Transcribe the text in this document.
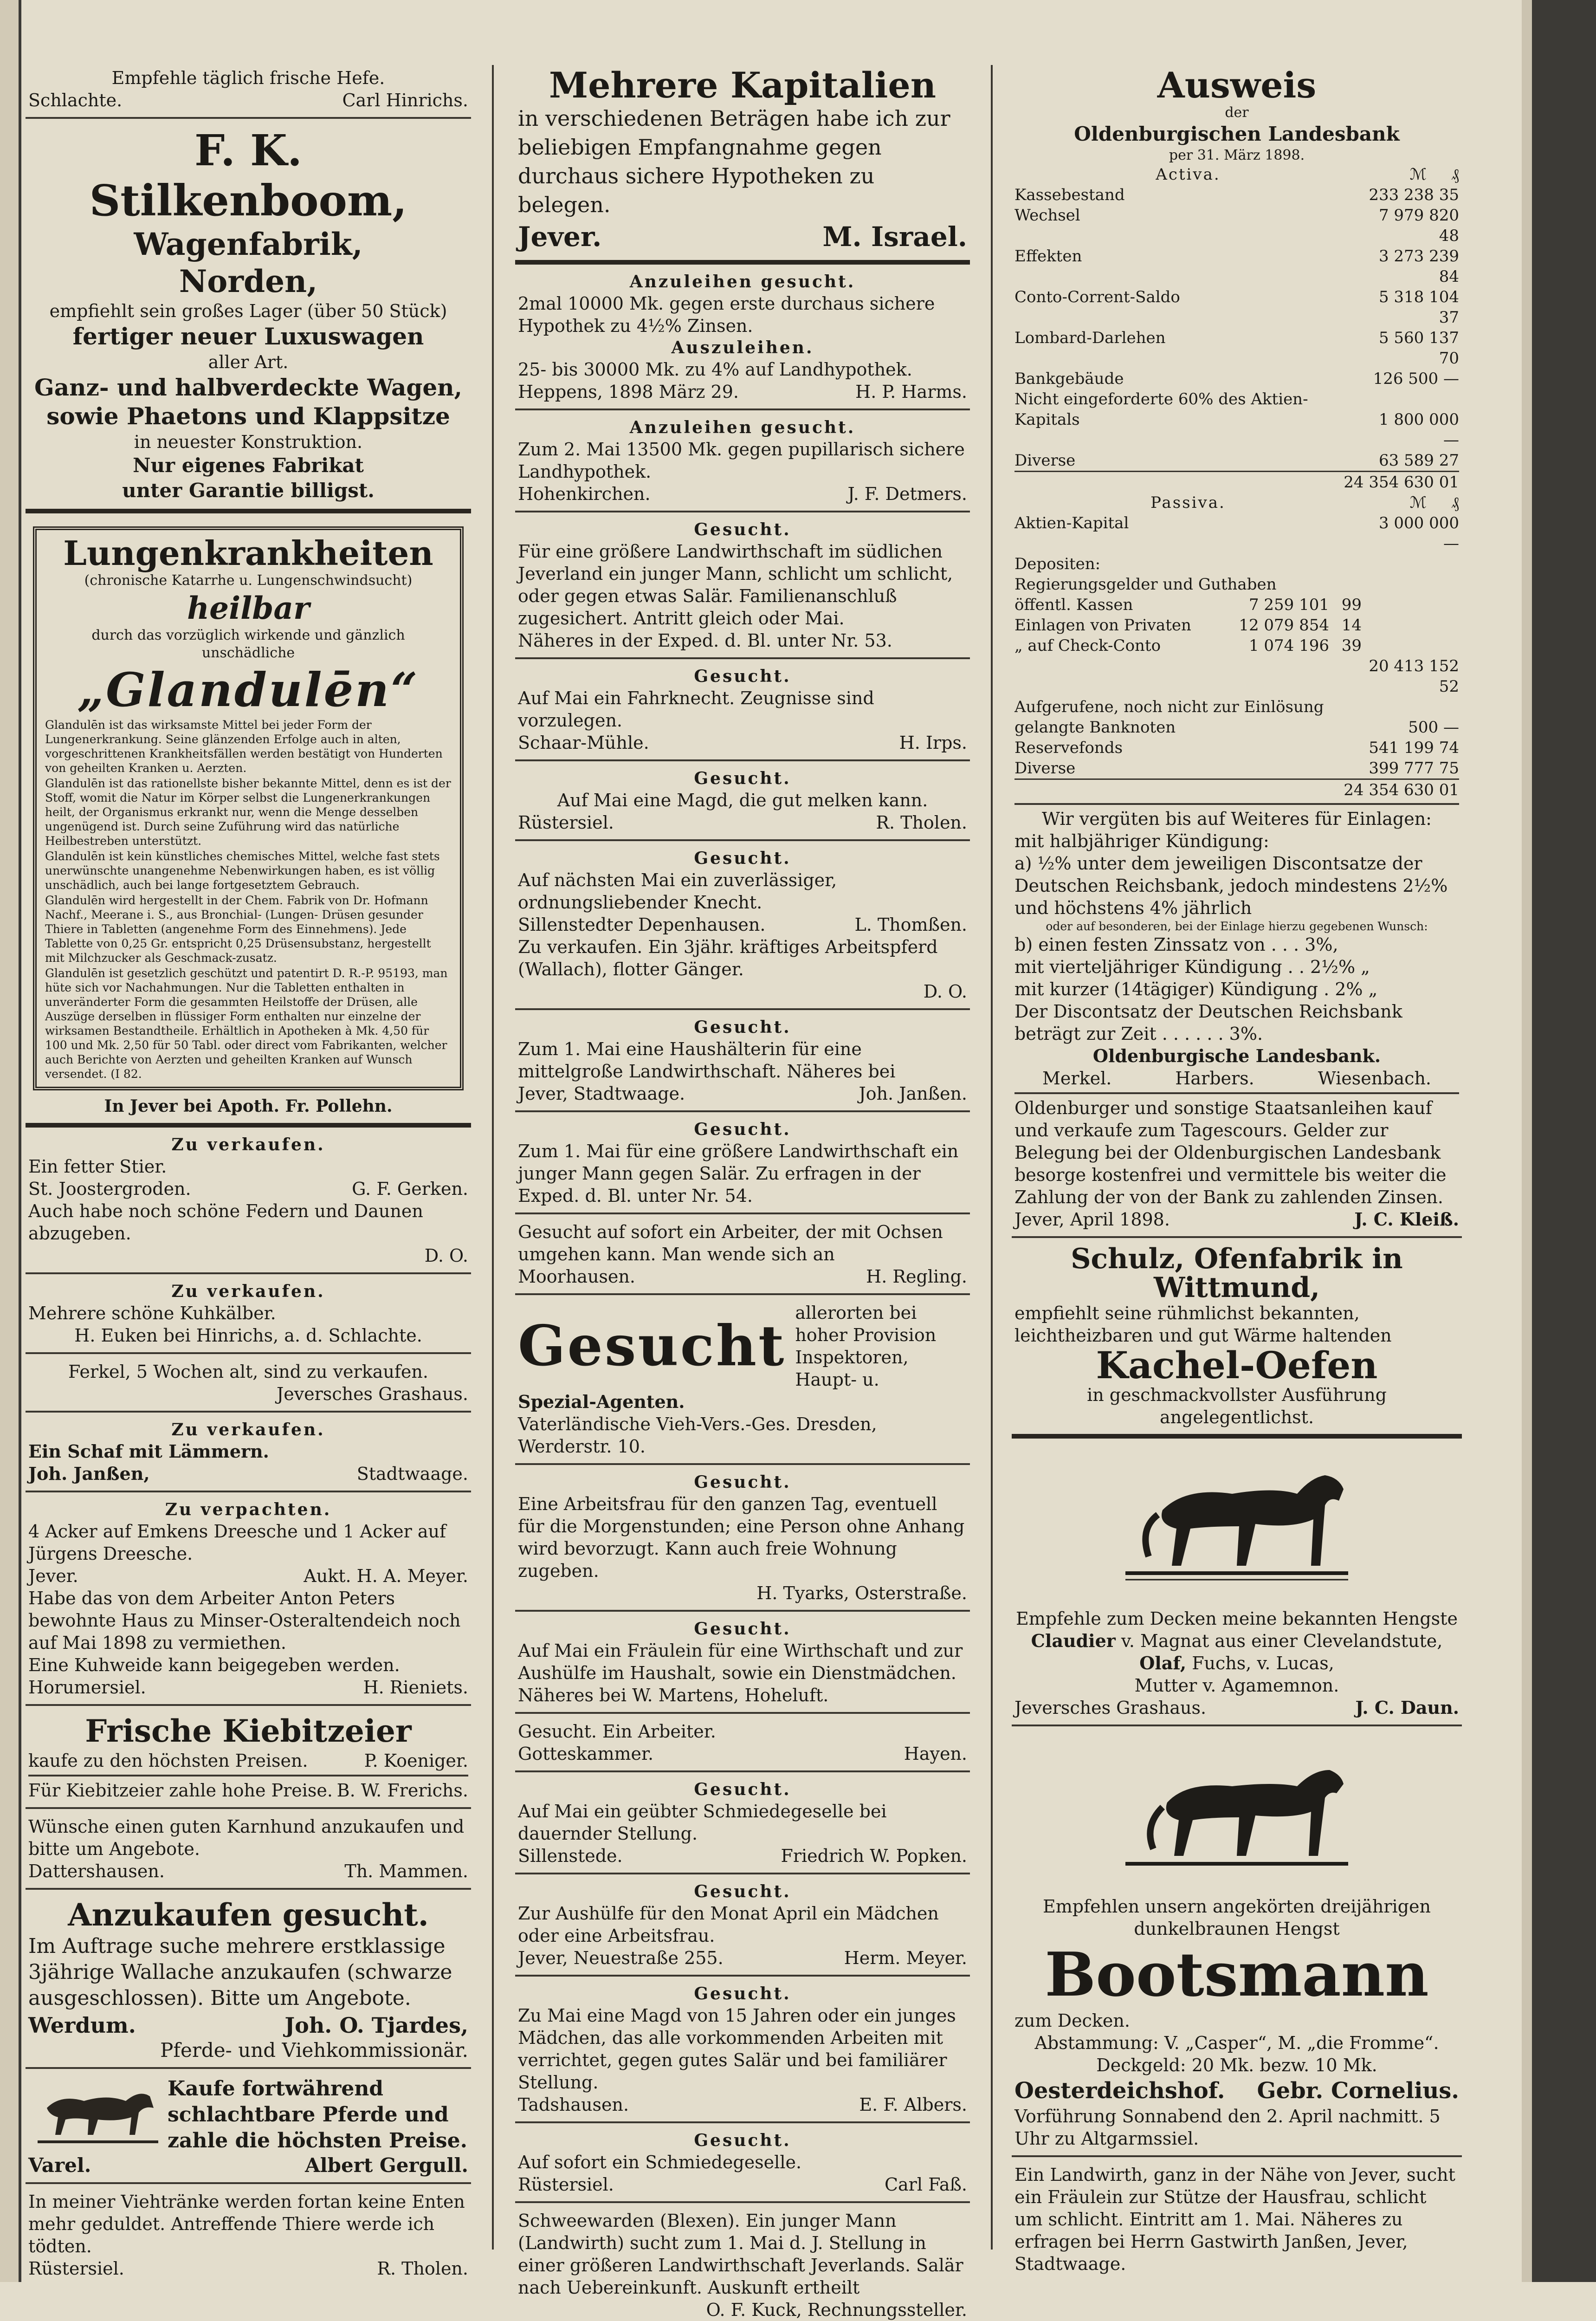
Empfehle täglich frische Hefe.

Schlachte.	Carl Hinrichs.

F. K. Stilkenboom,

Wagenfabrik,

Norden,

empfiehlt sein großes Lager (über 50 Stück)

fertiger neuer Luxuswagen

aller Art.

Ganz- und halbverdeckte Wagen,

sowie Phaetons und Klappsitze

in neuester Konstruktion.

Nur eigenes Fabrikat

unter Garantie billigst.

Lungenkrankheiten

(chronische Katarrhe u. Lungenschwindsucht)

heilbar

durch das vorzüglich wirkende und gänzlich unschädliche

„Glandulēn“

Glandulēn ist das wirksamste Mittel bei jeder Form der Lungenerkrankung. Seine glänzenden Erfolge auch in alten, vorgeschrittenen Krankheitsfällen werden bestätigt von Hunderten von geheilten Kranken u. Aerzten.

Glandulēn ist das rationellste bisher bekannte Mittel, denn es ist der Stoff, womit die Natur im Körper selbst die Lungenerkrankungen heilt, der Organismus erkrankt nur, wenn die Menge desselben ungenügend ist. Durch seine Zuführung wird das natürliche Heilbestreben unterstützt.

Glandulēn ist kein künstliches chemisches Mittel, welche fast stets unerwünschte unangenehme Nebenwirkungen haben, es ist völlig unschädlich, auch bei lange fortgesetztem Gebrauch.

Glandulēn wird hergestellt in der Chem. Fabrik von Dr. Hofmann Nachf., Meerane i. S., aus Bronchial- (Lungen- Drüsen gesunder Thiere in Tabletten (angenehme Form des Einnehmens). Jede Tablette von 0,25 Gr. entspricht 0,25 Drüsensubstanz, hergestellt mit Milchzucker als Geschmack-zusatz.

Glandulēn ist gesetzlich geschützt und patentirt D. R.-P. 95193, man hüte sich vor Nachahmungen. Nur die Tabletten enthalten in unveränderter Form die gesammten Heilstoffe der Drüsen, alle Auszüge derselben in flüssiger Form enthalten nur einzelne der wirksamen Bestandtheile. Erhältlich in Apotheken à Mk. 4,50 für 100 und Mk. 2,50 für 50 Tabl. oder direct vom Fabrikanten, welcher auch Berichte von Aerzten und geheilten Kranken auf Wunsch versendet. (I 82.

In Jever bei Apoth. Fr. Pollehn.

Zu verkaufen.

Ein fetter Stier.

St. Joostergroden.	G. F. Gerken.

Auch habe noch schöne Federn und Daunen abzugeben.

D. O.

Zu verkaufen.

Mehrere schöne Kuhkälber.

H. Euken bei Hinrichs, a. d. Schlachte.

Ferkel, 5 Wochen alt, sind zu verkaufen.

Jeversches Grashaus.

Zu verkaufen.

Ein Schaf mit Lämmern.

Joh. Janßen,	Stadtwaage.

Zu verpachten.

4 Acker auf Emkens Dreesche und 1 Acker auf Jürgens Dreesche.

Jever.	Aukt. H. A. Meyer.

Habe das von dem Arbeiter Anton Peters bewohnte Haus zu Minser-Osteraltendeich noch auf Mai 1898 zu vermiethen.

Eine Kuhweide kann beigegeben werden.

Horumersiel.	H. Rieniets.

Frische Kiebitzeier

kaufe zu den höchsten Preisen.	P. Koeniger.
Für Kiebitzeier zahle hohe Preise. B. W. Frerichs.

Wünsche einen guten Karnhund anzukaufen und bitte um Angebote.

Dattershausen.	Th. Mammen.

Anzukaufen gesucht.

Im Auftrage suche mehrere erstklassige 3jährige Wallache anzukaufen (schwarze ausgeschlossen). Bitte um Angebote.

Werdum.	Joh. O. Tjardes,

Pferde- und Viehkommissionär.

Kaufe fortwährend schlachtbare Pferde und zahle die höchsten Preise.

Varel.	Albert Gergull.

In meiner Viehtränke werden fortan keine Enten mehr geduldet. Antreffende Thiere werde ich tödten.

Rüstersiel.	R. Tholen.

Mehrere Kapitalien

in verschiedenen Beträgen habe ich zur beliebigen Empfangnahme gegen durchaus sichere Hypotheken zu belegen.

Jever.	M. Israel.

Anzuleihen gesucht.

2mal 10000 Mk. gegen erste durchaus sichere Hypothek zu 4½% Zinsen.

Auszuleihen.

25- bis 30000 Mk. zu 4% auf Landhypothek.

Heppens, 1898 März 29.	H. P. Harms.

Anzuleihen gesucht.

Zum 2. Mai 13500 Mk. gegen pupillarisch sichere Landhypothek.

Hohenkirchen.	J. F. Detmers.

Gesucht.

Für eine größere Landwirthschaft im südlichen Jeverland ein junger Mann, schlicht um schlicht, oder gegen etwas Salär. Familienanschluß zugesichert. Antritt gleich oder Mai.

Näheres in der Exped. d. Bl. unter Nr. 53.

Gesucht.

Auf Mai ein Fahrknecht. Zeugnisse sind vorzulegen.

Schaar-Mühle.	H. Irps.

Gesucht.

Auf Mai eine Magd, die gut melken kann.

Rüstersiel.	R. Tholen.

Gesucht.

Auf nächsten Mai ein zuverlässiger, ordnungsliebender Knecht.

Sillenstedter Depenhausen.	L. Thomßen.

Zu verkaufen. Ein 3jähr. kräftiges Arbeitspferd (Wallach), flotter Gänger.

D. O.

Gesucht.

Zum 1. Mai eine Haushälterin für eine mittelgroße Landwirthschaft. Näheres bei

Jever, Stadtwaage.	Joh. Janßen.

Gesucht.

Zum 1. Mai für eine größere Landwirthschaft ein junger Mann gegen Salär. Zu erfragen in der Exped. d. Bl. unter Nr. 54.

Gesucht auf sofort ein Arbeiter, der mit Ochsen umgehen kann. Man wende sich an

Moorhausen.	H. Regling.
Gesucht
allerorten bei hoher Provision Inspektoren, Haupt- u.

Spezial-Agenten.

Vaterländische Vieh-Vers.-Ges. Dresden, Werderstr. 10.

Gesucht.

Eine Arbeitsfrau für den ganzen Tag, eventuell für die Morgenstunden; eine Person ohne Anhang wird bevorzugt. Kann auch freie Wohnung zugeben.

H. Tyarks, Osterstraße.

Gesucht.

Auf Mai ein Fräulein für eine Wirthschaft und zur Aushülfe im Haushalt, sowie ein Dienstmädchen. Näheres bei W. Martens, Hoheluft.

Gesucht. Ein Arbeiter.

Gotteskammer.	Hayen.

Gesucht.

Auf Mai ein geübter Schmiedegeselle bei dauernder Stellung.

Sillenstede.	Friedrich W. Popken.

Gesucht.

Zur Aushülfe für den Monat April ein Mädchen oder eine Arbeitsfrau.

Jever, Neuestraße 255.	Herm. Meyer.

Gesucht.

Zu Mai eine Magd von 15 Jahren oder ein junges Mädchen, das alle vorkommenden Arbeiten mit verrichtet, gegen gutes Salär und bei familiärer Stellung.

Tadshausen.	E. F. Albers.

Gesucht.

Auf sofort ein Schmiedegeselle.

Rüstersiel.	Carl Faß.

Schweewarden (Blexen). Ein junger Mann (Landwirth) sucht zum 1. Mai d. J. Stellung in einer größeren Landwirthschaft Jeverlands. Salär nach Uebereinkunft. Auskunft ertheilt

O. F. Kuck, Rechnungssteller.

Ausweis

der

Oldenburgischen Landesbank

per 31. März 1898.

Activa.	ℳ	₰
Kassebestand	233 238 35
Wechsel	7 979 820 48
Effekten	3 273 239 84
Conto-Corrent-Saldo	5 318 104 37
Lombard-Darlehen	5 560 137 70
Bankgebäude	126 500 —
Nicht eingeforderte 60% des Aktien-
Kapitals	1 800 000 —
Diverse	63 589 27
24 354 630 01
Passiva.	ℳ	₰
Aktien-Kapital	3 000 000 —
Depositen:
Regierungsgelder und Guthaben
öffentl. Kassen	7 259 101 99
Einlagen von Privaten	12 079 854 14
„ auf Check-Conto	1 074 196 39
20 413 152 52
Aufgerufene, noch nicht zur Einlösung
gelangte Banknoten	500 —
Reservefonds	541 199 74
Diverse	399 777 75
24 354 630 01

Wir vergüten bis auf Weiteres für Einlagen:

mit halbjähriger Kündigung:

a) ½% unter dem jeweiligen Discontsatze der Deutschen Reichsbank, jedoch mindestens 2½% und höchstens 4% jährlich

oder auf besonderen, bei der Einlage hierzu gegebenen Wunsch:

b) einen festen Zinssatz von . . . 3%,

mit vierteljähriger Kündigung . . 2½% „

mit kurzer (14tägiger) Kündigung . 2% „

Der Discontsatz der Deutschen Reichsbank beträgt zur Zeit . . . . . . 3%.

Oldenburgische Landesbank.

Merkel.	Harbers.	Wiesenbach.

Oldenburger und sonstige Staatsanleihen kauf und verkaufe zum Tagescours. Gelder zur Belegung bei der Oldenburgischen Landesbank besorge kostenfrei und vermittele bis weiter die Zahlung der von der Bank zu zahlenden Zinsen.

Jever, April 1898.	J. C. Kleiß.

Schulz, Ofenfabrik in Wittmund,

empfiehlt seine rühmlichst bekannten, leichtheizbaren und gut Wärme haltenden

Kachel-Oefen

in geschmackvollster Ausführung angelegentlichst.

Empfehle zum Decken meine bekannten Hengste

Claudier v. Magnat aus einer Clevelandstute,

Olaf, Fuchs, v. Lucas,

Mutter v. Agamemnon.

Jeversches Grashaus.	J. C. Daun.

Empfehlen unsern angekörten dreijährigen dunkelbraunen Hengst

Bootsmann

zum Decken.

Abstammung: V. „Casper“, M. „die Fromme“.

Deckgeld: 20 Mk. bezw. 10 Mk.

Oesterdeichshof. Gebr. Cornelius.

Vorführung Sonnabend den 2. April nachmitt. 5 Uhr zu Altgarmssiel.

Ein Landwirth, ganz in der Nähe von Jever, sucht ein Fräulein zur Stütze der Hausfrau, schlicht um schlicht. Eintritt am 1. Mai. Näheres zu erfragen bei Herrn Gastwirth Janßen, Jever, Stadtwaage.
